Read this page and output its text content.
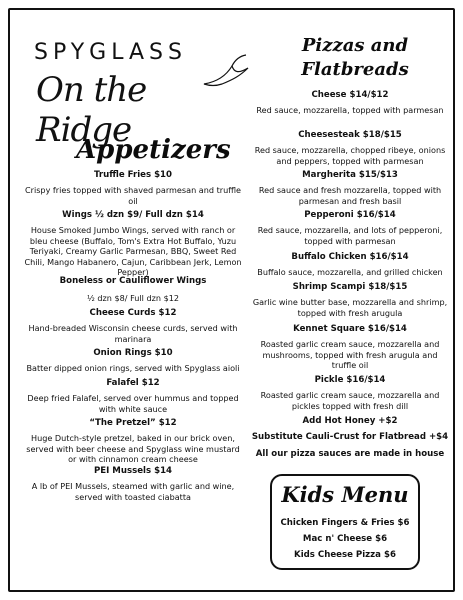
SPYGLASS
On the Ridge
Appetizers
Truffle Fries $10
Crispy fries topped with shaved parmesan and truffle oil
Wings ½ dzn $9/ Full dzn $14
House Smoked Jumbo Wings, served with ranch or bleu cheese (Buffalo, Tom's Extra Hot Buffalo, Yuzu Teriyaki, Creamy Garlic Parmesan, BBQ, Sweet Red Chili, Mango Habanero, Cajun, Caribbean Jerk, Lemon Pepper)
Boneless or Cauliflower Wings
½ dzn $8/ Full dzn $12
Cheese Curds $12
Hand-breaded Wisconsin cheese curds, served with marinara
Onion Rings $10
Batter dipped onion rings, served with Spyglass aioli
Falafel $12
Deep fried Falafel, served over hummus and topped with white sauce
“The Pretzel” $12
Huge Dutch-style pretzel, baked in our brick oven, served with beer cheese and Spyglass wine mustard or with cinnamon cream cheese
PEI Mussels $14
A lb of PEI Mussels, steamed with garlic and wine, served with toasted ciabatta
Pizzas and
Flatbreads
Cheese $14/$12
Red sauce, mozzarella, topped with parmesan
Cheesesteak $18/$15
Red sauce, mozzarella, chopped ribeye, onions and peppers, topped with parmesan
Margherita $15/$13
Red sauce and fresh mozzarella, topped with parmesan and fresh basil
Pepperoni $16/$14
Red sauce, mozzarella, and lots of pepperoni, topped with parmesan
Buffalo Chicken $16/$14
Buffalo sauce, mozzarella, and grilled chicken
Shrimp Scampi $18/$15
Garlic wine butter base, mozzarella and shrimp, topped with fresh arugula
Kennet Square $16/$14
Roasted garlic cream sauce, mozzarella and mushrooms, topped with fresh arugula and truffle oil
Pickle $16/$14
Roasted garlic cream sauce, mozzarella and pickles topped with fresh dill
Add Hot Honey +$2
Substitute Cauli-Crust for Flatbread +$4
All our pizza sauces are made in house
Kids Menu
Chicken Fingers & Fries $6
Mac n' Cheese $6
Kids Cheese Pizza $6
